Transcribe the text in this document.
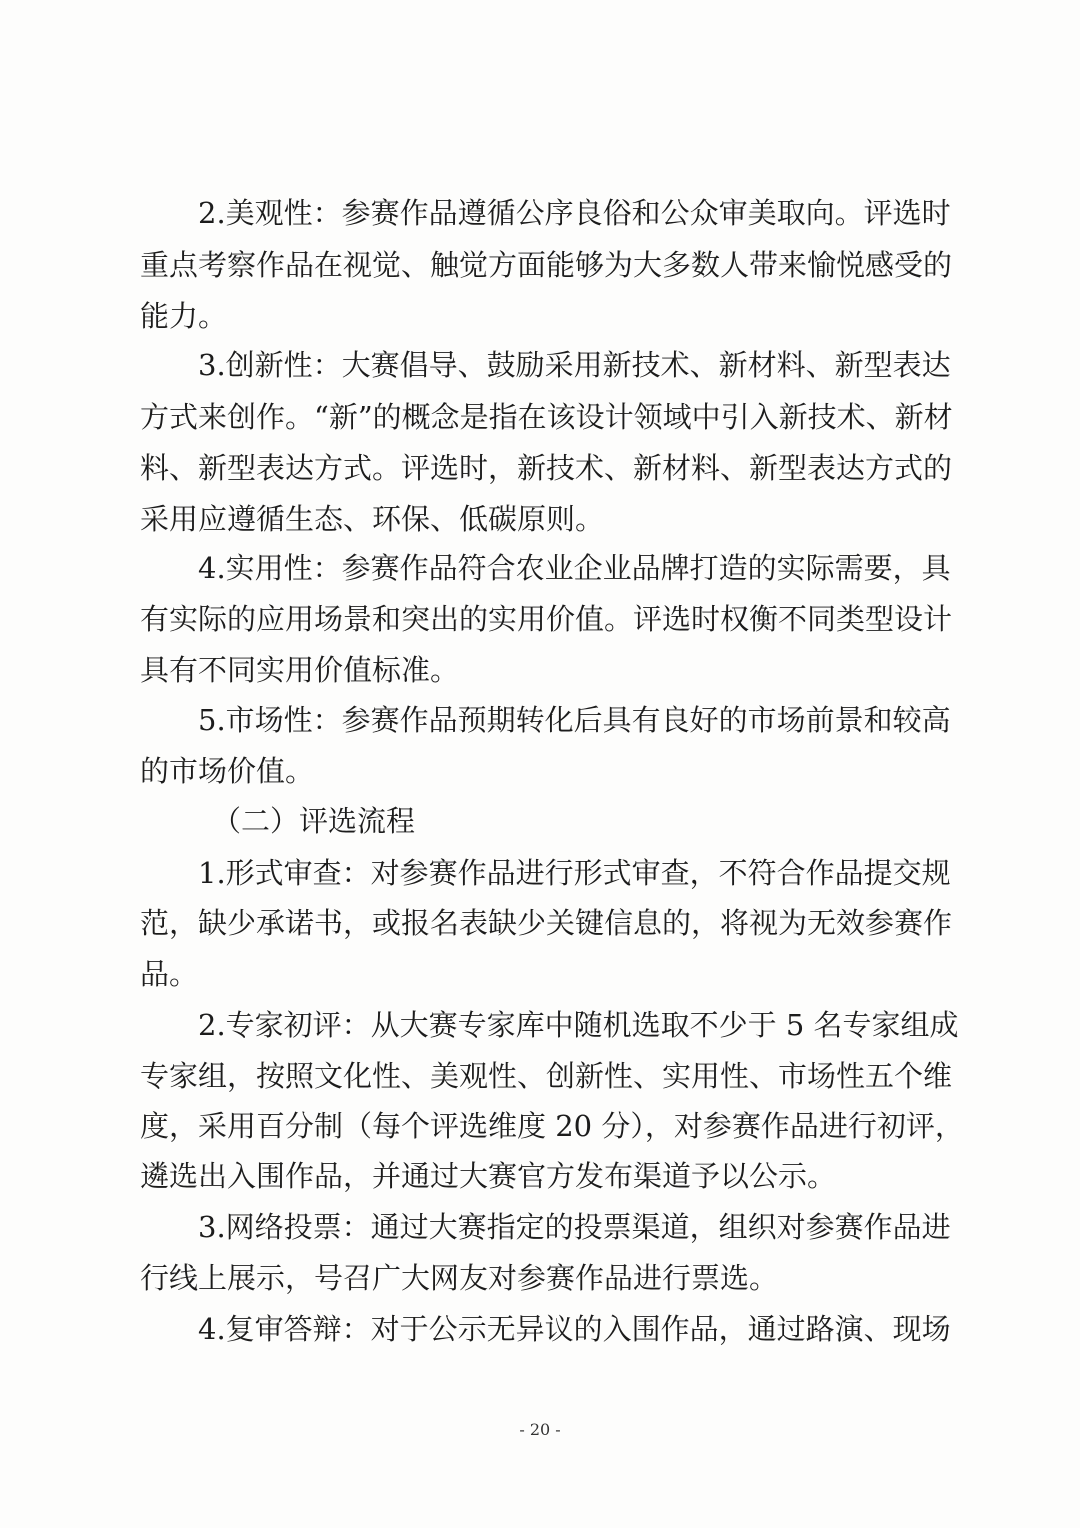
2.美观性：参赛作品遵循公序良俗和公众审美取向。评选时
重点考察作品在视觉、触觉方面能够为大多数人带来愉悦感受的
能力。
3.创新性：大赛倡导、鼓励采用新技术、新材料、新型表达
方式来创作。“新”的概念是指在该设计领域中引入新技术、新材
料、新型表达方式。评选时，新技术、新材料、新型表达方式的
采用应遵循生态、环保、低碳原则。
4.实用性：参赛作品符合农业企业品牌打造的实际需要，具
有实际的应用场景和突出的实用价值。评选时权衡不同类型设计
具有不同实用价值标准。
5.市场性：参赛作品预期转化后具有良好的市场前景和较高
的市场价值。
（二）评选流程
1.形式审查：对参赛作品进行形式审查，不符合作品提交规
范，缺少承诺书，或报名表缺少关键信息的，将视为无效参赛作
品。
2.专家初评：从大赛专家库中随机选取不少于 5 名专家组成
专家组，按照文化性、美观性、创新性、实用性、市场性五个维
度，采用百分制（每个评选维度 20 分），对参赛作品进行初评，
遴选出入围作品，并通过大赛官方发布渠道予以公示。
3.网络投票：通过大赛指定的投票渠道，组织对参赛作品进
行线上展示，号召广大网友对参赛作品进行票选。
4.复审答辩：对于公示无异议的入围作品，通过路演、现场
- 20 -
